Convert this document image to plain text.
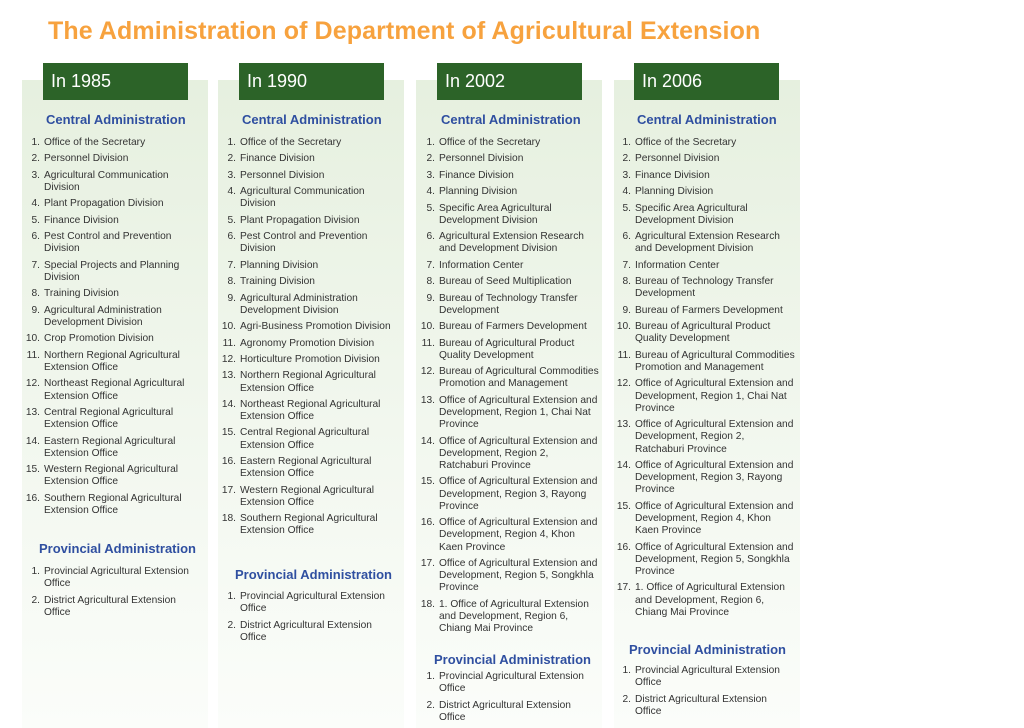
The Administration of Department of Agricultural Extension
In 1985
Central Administration
1. Office of the Secretary
2. Personnel Division
3. Agricultural Communication Division
4. Plant Propagation Division
5. Finance Division
6. Pest Control and Prevention Division
7. Special Projects and Planning Division
8. Training Division
9. Agricultural Administration Development Division
10. Crop Promotion Division
11. Northern Regional Agricultural Extension Office
12. Northeast Regional Agricultural Extension Office
13. Central Regional Agricultural Extension Office
14. Eastern Regional Agricultural Extension Office
15. Western Regional Agricultural Extension Office
16. Southern Regional Agricultural Extension Office
Provincial Administration
1. Provincial Agricultural Extension Office
2. District Agricultural Extension Office
In 1990
Central Administration
1. Office of the Secretary
2. Finance Division
3. Personnel Division
4. Agricultural Communication Division
5. Plant Propagation Division
6. Pest Control and Prevention Division
7. Planning Division
8. Training Division
9. Agricultural Administration Development Division
10. Agri-Business Promotion Division
11. Agronomy Promotion Division
12. Horticulture Promotion Division
13. Northern Regional Agricultural Extension Office
14. Northeast Regional Agricultural Extension Office
15. Central Regional Agricultural Extension Office
16. Eastern Regional Agricultural Extension Office
17. Western Regional Agricultural Extension Office
18. Southern Regional Agricultural Extension Office
Provincial Administration
1. Provincial Agricultural Extension Office
2. District Agricultural Extension Office
In 2002
Central Administration
1. Office of the Secretary
2. Personnel Division
3. Finance Division
4. Planning Division
5. Specific Area Agricultural Development Division
6. Agricultural Extension Research and Development Division
7. Information Center
8. Bureau of Seed Multiplication
9. Bureau of Technology Transfer Development
10. Bureau of Farmers Development
11. Bureau of Agricultural Product Quality Development
12. Bureau of Agricultural Commodities Promotion and Management
13. Office of Agricultural Extension and Development, Region 1, Chai Nat Province
14. Office of Agricultural Extension and Development, Region 2, Ratchaburi Province
15. Office of Agricultural Extension and Development, Region 3, Rayong Province
16. Office of Agricultural Extension and Development, Region 4, Khon Kaen Province
17. Office of Agricultural Extension and Development, Region 5, Songkhla Province
18. 1. Office of Agricultural Extension and Development, Region 6, Chiang Mai Province
Provincial Administration
1. Provincial Agricultural Extension Office
2. District Agricultural Extension Office
In 2006
Central Administration
1. Office of the Secretary
2. Personnel Division
3. Finance Division
4. Planning Division
5. Specific Area Agricultural Development Division
6. Agricultural Extension Research and Development Division
7. Information Center
8. Bureau of Technology Transfer Development
9. Bureau of Farmers Development
10. Bureau of Agricultural Product Quality Development
11. Bureau of Agricultural Commodities Promotion and Management
12. Office of Agricultural Extension and Development, Region 1, Chai Nat Province
13. Office of Agricultural Extension and Development, Region 2, Ratchaburi Province
14. Office of Agricultural Extension and Development, Region 3, Rayong Province
15. Office of Agricultural Extension and Development, Region 4, Khon Kaen Province
16. Office of Agricultural Extension and Development, Region 5, Songkhla Province
17. 1. Office of Agricultural Extension and Development, Region 6, Chiang Mai Province
Provincial Administration
1. Provincial Agricultural Extension Office
2. District Agricultural Extension Office
